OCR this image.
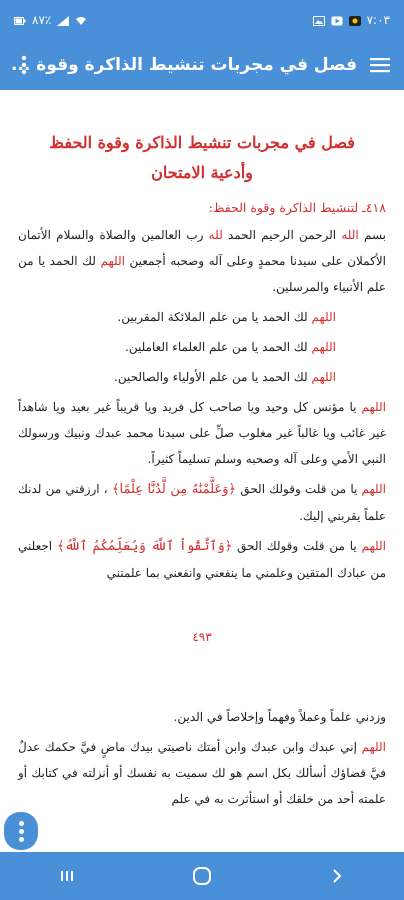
٨٧٪	٧:٠٣
فصل في مجربات تنشيط الذاكرة وقوة ...
فصل في مجربات تنشيط الذاكرة وقوة الحفظ وأدعية الامتحان
٤١٨ـ لتنشيط الذاكرة وقوة الحفظ:

بسم الله الرحمن الرحيم الحمد لله رب العالمين والصلاة والسلام الأتمان الأكملان على سيدنا محمدٍ وعلى آله وصحبه أجمعين اللهم لك الحمد يا من علم الأنبياء والمرسلين.

اللهم لك الحمد يا من علم الملائكة المقربين.

اللهم لك الحمد يا من علم العلماء العاملين.

اللهم لك الحمد يا من علم الأولياء والصالحين.

اللهم يا مؤنس كل وحيد ويا صاحب كل فريد ويا قريباً غير بعيد ويا شاهداً غير غائب ويا غالباً غير مغلوب صلِّ على سيدنا محمد عبدك ونبيك ورسولك النبي الأمي وعلى آله وصحبه وسلم تسليماً كثيراً.

اللهم يا من قلت وقولك الحق ﴿وَعَلَّمْنَٰهُ مِن لَّدُنَّا عِلْمًا﴾ ، ارزقني من لدنك علماً يقربني إليك.

اللهم يا من قلت وقولك الحق ﴿وَٱتَّقُواْ ٱللَّهَ وَيُعَلِّمُكُمُ ٱللَّهُ﴾ اجعلني من عبادك المتقين وعلمني ما ينفعني وانفعني بما علمتني

٤٩٣

وزدني علماً وعملاً وفهماً وإخلاصاً في الدين.

اللهم إني عبدك وابن عبدك وابن أمتك ناصيتي بيدك ماضٍ فيَّ حكمك عدلٌ فيَّ قضاؤك أسألك بكل اسم هو لك سميت به نفسك أو أنزلته في كتابك أو علمته أحد من خلقك أو استأثرت به في علم
